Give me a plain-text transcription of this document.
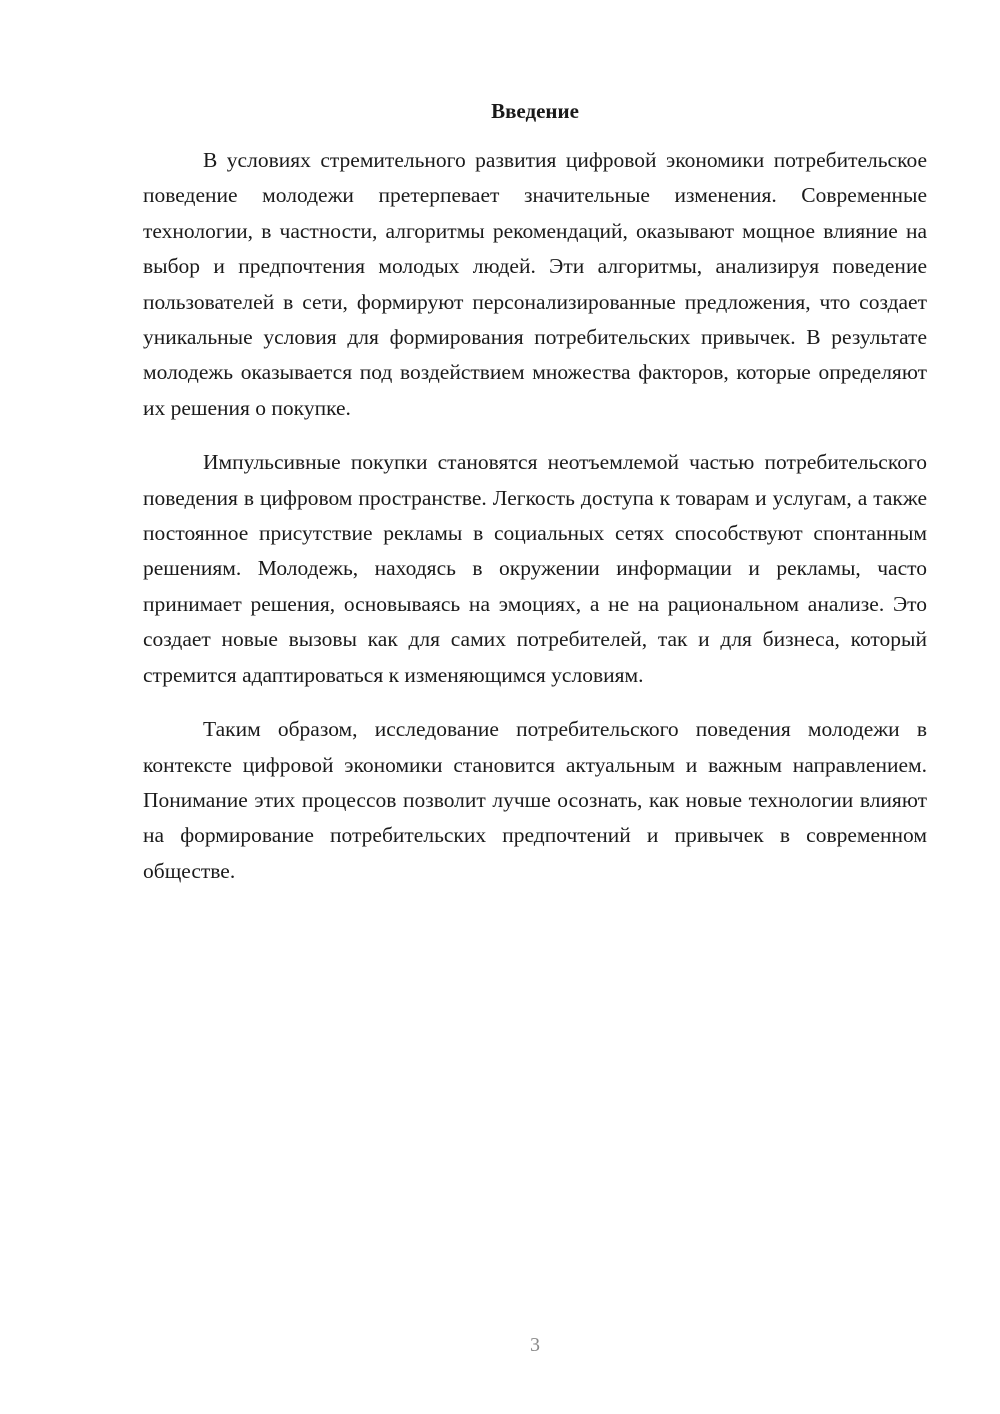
Введение

В условиях стремительного развития цифровой экономики потребительское поведение молодежи претерпевает значительные изменения. Современные технологии, в частности, алгоритмы рекомендаций, оказывают мощное влияние на выбор и предпочтения молодых людей. Эти алгоритмы, анализируя поведение пользователей в сети, формируют персонализированные предложения, что создает уникальные условия для формирования потребительских привычек. В результате молодежь оказывается под воздействием множества факторов, которые определяют их решения о покупке.

Импульсивные покупки становятся неотъемлемой частью потребительского поведения в цифровом пространстве. Легкость доступа к товарам и услугам, а также постоянное присутствие рекламы в социальных сетях способствуют спонтанным решениям. Молодежь, находясь в окружении информации и рекламы, часто принимает решения, основываясь на эмоциях, а не на рациональном анализе. Это создает новые вызовы как для самих потребителей, так и для бизнеса, который стремится адаптироваться к изменяющимся условиям.

Таким образом, исследование потребительского поведения молодежи в контексте цифровой экономики становится актуальным и важным направлением. Понимание этих процессов позволит лучше осознать, как новые технологии влияют на формирование потребительских предпочтений и привычек в современном обществе.

3
